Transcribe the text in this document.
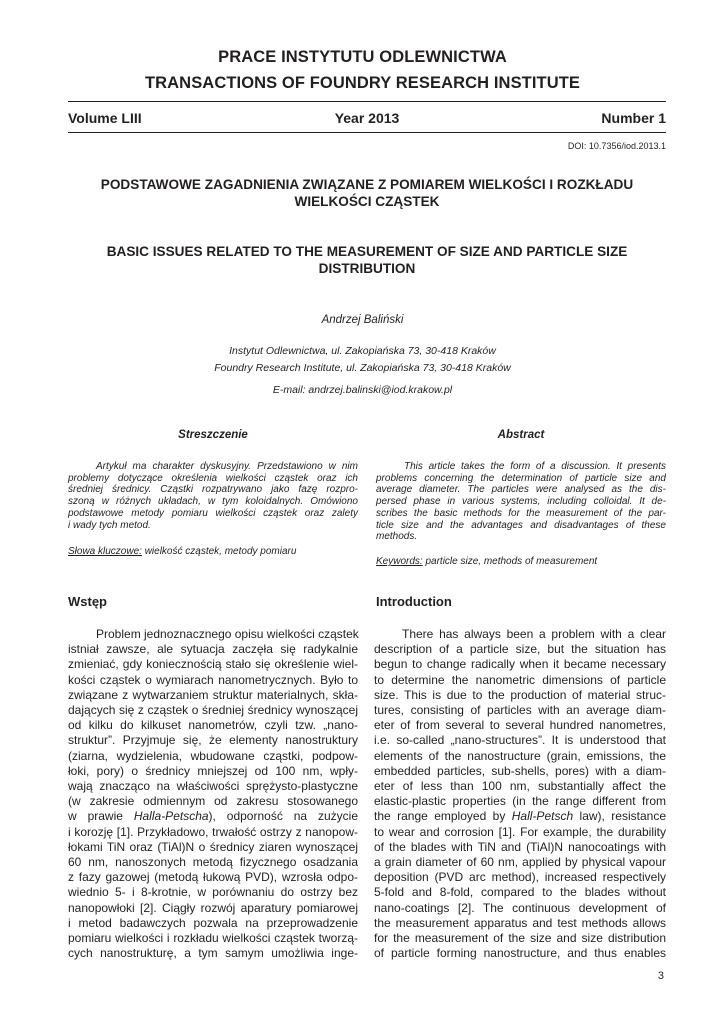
PRACE INSTYTUTU ODLEWNICTWA
TRANSACTIONS OF FOUNDRY RESEARCH INSTITUTE
Year 2013
Volume LIII	Number 1
DOI: 10.7356/iod.2013.1
PODSTAWOWE ZAGADNIENIA ZWIĄZANE Z POMIAREM WIELKOŚCI I ROZKŁADU
WIELKOŚCI CZĄSTEK
BASIC ISSUES RELATED TO THE MEASUREMENT OF SIZE AND PARTICLE SIZE
DISTRIBUTION
Andrzej Baliński
Instytut Odlewnictwa, ul. Zakopiańska 73, 30-418 Kraków
Foundry Research Institute, ul. Zakopiańska 73, 30-418 Kraków
E-mail: andrzej.balinski@iod.krakow.pl
Streszczenie	Abstract
Artykuł ma charakter dyskusyjny. Przedstawiono w nim
problemy dotyczące określenia wielkości cząstek oraz ich
średniej średnicy. Cząstki rozpatrywano jako fazę rozpro-
szoną w różnych układach, w tym koloidalnych. Omówiono
podstawowe metody pomiaru wielkości cząstek oraz zalety
i wady tych metod.
This article takes the form of a discussion. It presents
problems concerning the determination of particle size and
average diameter. The particles were analysed as the dis-
persed phase in various systems, including colloidal. It de-
scribes the basic methods for the measurement of the par-
ticle size and the advantages and disadvantages of these
methods.
Słowa kluczowe: wielkość cząstek, metody pomiaru
Keywords: particle size, methods of measurement
Wstęp	Introduction
Problem jednoznacznego opisu wielkości cząstek
istniał zawsze, ale sytuacja zaczęła się radykalnie
zmieniać, gdy koniecznością stało się określenie wiel-
kości cząstek o wymiarach nanometrycznych. Było to
związane z wytwarzaniem struktur materialnych, skła-
dających się z cząstek o średniej średnicy wynoszącej
od kilku do kilkuset nanometrów, czyli tzw. „nano-
struktur”. Przyjmuje się, że elementy nanostruktury
(ziarna, wydzielenia, wbudowane cząstki, podpow-
łoki, pory) o średnicy mniejszej od 100 nm, wpły-
wają znacząco na właściwości sprężysto-plastyczne
(w zakresie odmiennym od zakresu stosowanego
w prawie Halla-Petscha), odporność na zużycie
i korozję [1]. Przykładowo, trwałość ostrzy z nanopow-
łokami TiN oraz (TiAl)N o średnicy ziaren wynoszącej
60 nm, nanoszonych metodą fizycznego osadzania
z fazy gazowej (metodą łukową PVD), wzrosła odpo-
wiednio 5- i 8-krotnie, w porównaniu do ostrzy bez
nanopowłoki [2]. Ciągły rozwój aparatury pomiarowej
i metod badawczych pozwala na przeprowadzenie
pomiaru wielkości i rozkładu wielkości cząstek tworzą-
cych nanostrukturę, a tym samym umożliwia inge-
There has always been a problem with a clear
description of a particle size, but the situation has
begun to change radically when it became necessary
to determine the nanometric dimensions of particle
size. This is due to the production of material struc-
tures, consisting of particles with an average diam-
eter of from several to several hundred nanometres,
i.e. so-called „nano-structures”. It is understood that
elements of the nanostructure (grain, emissions, the
embedded particles, sub-shells, pores) with a diam-
eter of less than 100 nm, substantially affect the
elastic-plastic properties (in the range different from
the range employed by Hall-Petsch law), resistance
to wear and corrosion [1]. For example, the durability
of the blades with TiN and (TiAl)N nanocoatings with
a grain diameter of 60 nm, applied by physical vapour
deposition (PVD arc method), increased respectively
5-fold and 8-fold, compared to the blades without
nano-coatings [2]. The continuous development of
the measurement apparatus and test methods allows
for the measurement of the size and size distribution
of particle forming nanostructure, and thus enables
3
